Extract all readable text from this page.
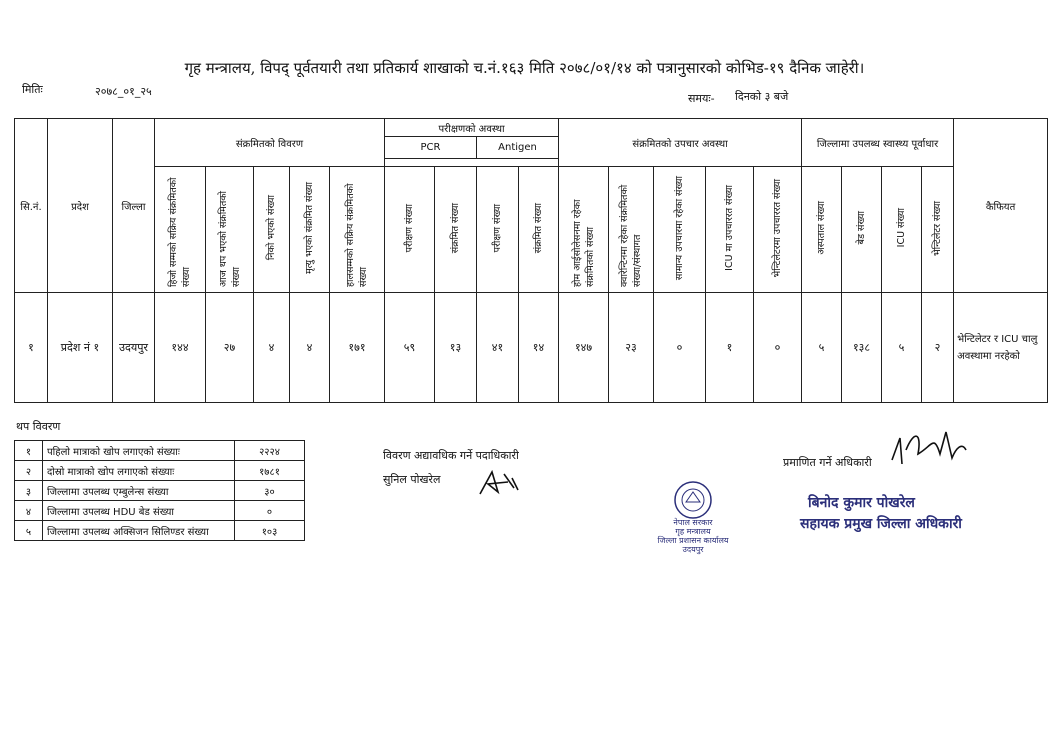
गृह मन्त्रालय, विपद् पूर्वतयारी तथा प्रतिकार्य शाखाको च.नं.१६३ मिति २०७८/०१/१४ को पत्रानुसारको कोभिड-१९ दैनिक जाहेरी।
मितिः	२०७८_०१_२५
समयः- दिनको ३ बजे
सि.नं.	प्रदेश	जिल्ला	संक्रमितको विवरण					परीक्षणको अवस्था				संक्रमितको उपचार अवस्था					जिल्लामा उपलब्ध स्वास्थ्य पूर्वाधार				कैफियत
								PCR		Antigen											

			हिजो सम्मको सक्रिय संक्रमितको संख्या	आज थप भएको संक्रमितको संख्या	निको भएको संख्या	मृत्यु भएको संक्रमित संख्या	हालसम्मको सक्रिय संक्रमितको संख्या	परीक्षण संख्या	संक्रमित संख्या	परीक्षण संख्या	संक्रमित संख्या	होम आईसोलेसनमा रहेका संक्रमितको संख्या	क्वारेन्टिनमा रहेका संक्रमितको संख्या/संस्थागत	सामान्य उपचारमा रहेका संख्या	ICU मा उपचाररत संख्या	भेन्टिलेटरमा उपचाररत संख्या	अस्पताल संख्या	बेड संख्या	ICU संख्या	भेन्टिलेटर संख्या	
१	प्रदेश नं १	उदयपुर	१४४	२७	४	४	१७१	५९	१३	४१	१४	१४७	२३	०	१	०	५	१३८	५	२	भेन्टिलेटर र ICU चालु अवस्थामा नरहेको
थप विवरण
१	पहिलो मात्राको खोप लगाएको संख्याः	२२२४
२	दोस्रो मात्राको खोप लगाएको संख्याः	१७८१
३	जिल्लामा उपलब्ध एम्बुलेन्स संख्या	३०
४	जिल्लामा उपलब्ध HDU बेड संख्या	०
५	जिल्लामा उपलब्ध अक्सिजन सिलिण्डर संख्या	१०३
विवरण अद्यावधिक गर्ने पदाधिकारी
सुनिल पोखरेल
नेपाल सरकार
गृह मन्त्रालय
जिल्ला प्रशासन कार्यालय
उदयपुर
प्रमाणित गर्ने अधिकारी
बिनोद कुमार पोखरेल
सहायक प्रमुख जिल्ला अधिकारी
